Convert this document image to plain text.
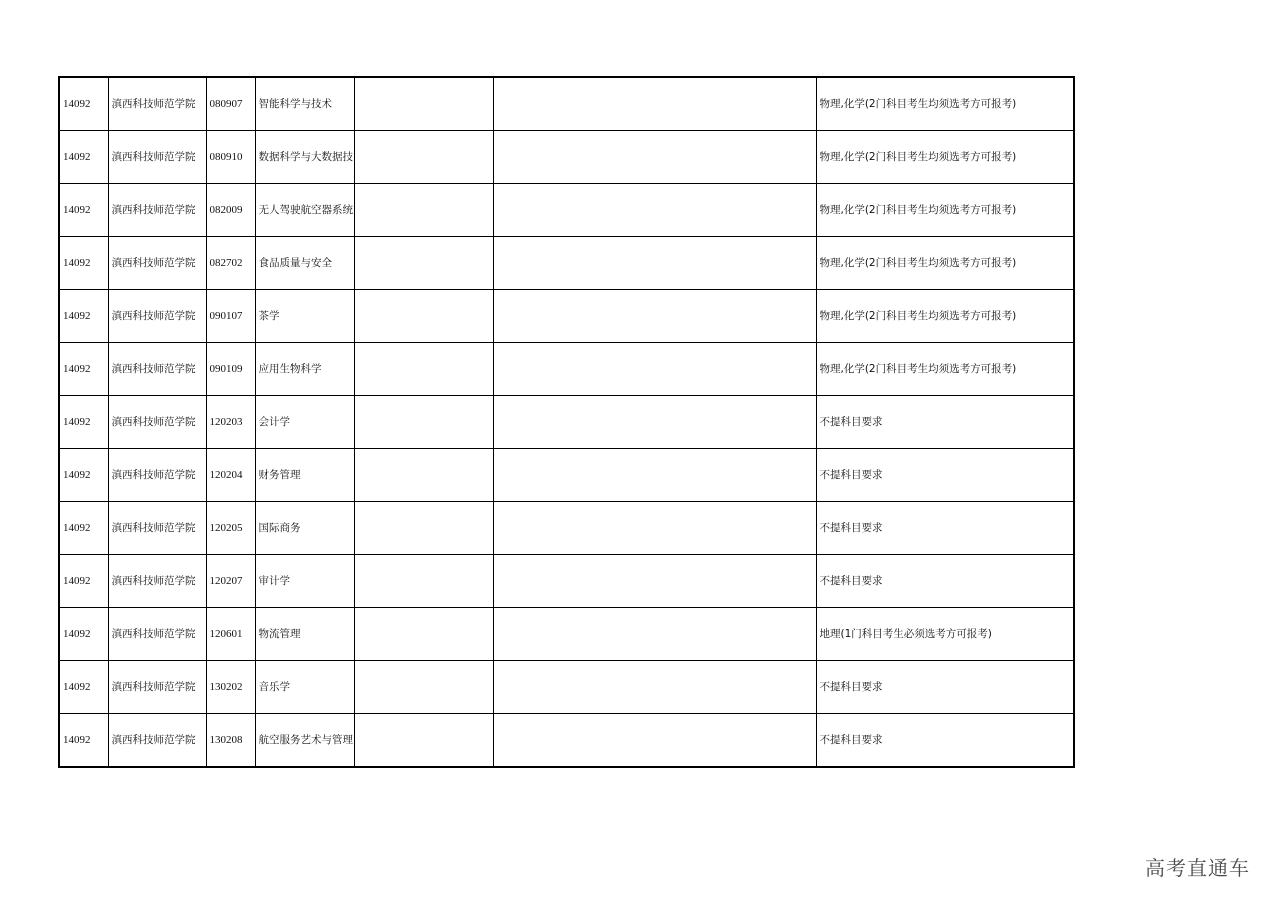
14092	滇西科技师范学院	080907	智能科学与技术			物理,化学(2门科目考生均须选考方可报考)
14092	滇西科技师范学院	080910	数据科学与大数据技			物理,化学(2门科目考生均须选考方可报考)
14092	滇西科技师范学院	082009	无人驾驶航空器系统			物理,化学(2门科目考生均须选考方可报考)
14092	滇西科技师范学院	082702	食品质量与安全			物理,化学(2门科目考生均须选考方可报考)
14092	滇西科技师范学院	090107	茶学			物理,化学(2门科目考生均须选考方可报考)
14092	滇西科技师范学院	090109	应用生物科学			物理,化学(2门科目考生均须选考方可报考)
14092	滇西科技师范学院	120203	会计学			不提科目要求
14092	滇西科技师范学院	120204	财务管理			不提科目要求
14092	滇西科技师范学院	120205	国际商务			不提科目要求
14092	滇西科技师范学院	120207	审计学			不提科目要求
14092	滇西科技师范学院	120601	物流管理			地理(1门科目考生必须选考方可报考)
14092	滇西科技师范学院	130202	音乐学			不提科目要求
14092	滇西科技师范学院	130208	航空服务艺术与管理			不提科目要求
高考直通车
